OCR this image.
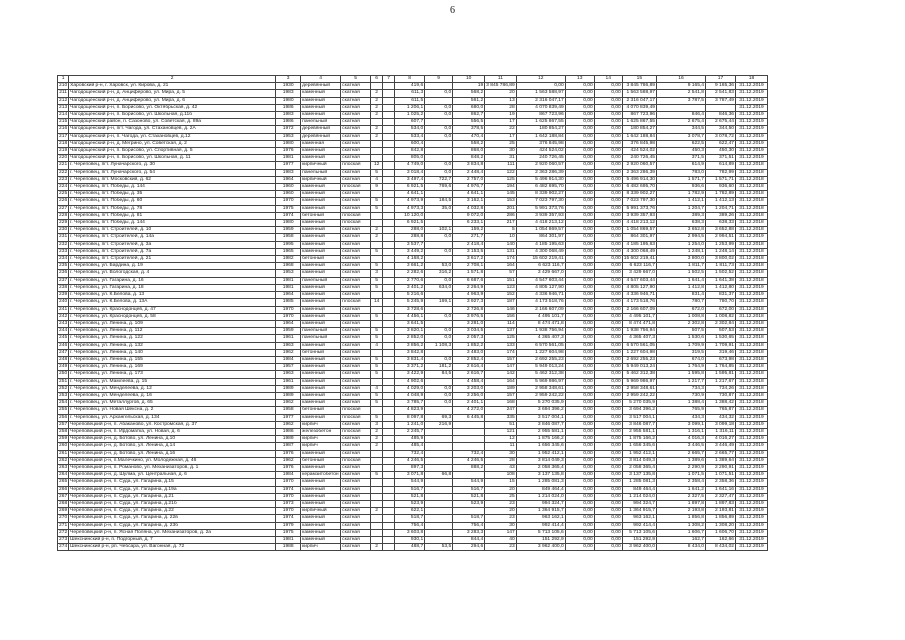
6
1	2	3	4	5	6	7	8	9	10	11	12	13	14	15	16	17	18
210	Харовский р-н, г. Харовск, ул. Кирова, д. 21	1930	деревянный	скатная			419,6		19	3 845 786,89	0,00	0,00	0,00	3 845 786,89	9 165,4	9 165,36	31.12.2019
211	Чагодощенский р-н, д. Анциферово, ул. Мира, д. 5	1983	каменный	скатная	2		611,3	0,0	568,2	20	1 563 588,97	0,00	0,00	1 563 588,97	2 541,8	2 541,83	31.12.2019
212	Чагодощенский р-н, д. Анциферово, ул. Мира, д. 6	1980	каменный	скатная	2		611,5		561,2	13	2 316 047,17	0,00	0,00	2 316 047,17	3 787,5	3 787,49	31.12.2019
213	Чагодощенский р-н, п. Борисово, ул. Октябрьская, д. 42	1986	каменный	скатная	2		1 206,1	0,0	680,0	28	4 070 839,49	0,00	0,00	4 070 839,49			31.12.2019
214	Чагодощенский р-н, п. Борисово, ул. Школьная, д.11б	1983	каменный	скатная	2		1 025,2	0,0	862,7	19	867 723,96	0,00	0,00	867 723,96	846,4	846,36	31.12.2019
215	Чагодощенский район, п. Сазоново, ул. Советская, д. 89а	1986	панельный	скатная			607,7		556,5	17	1 625 867,55	0,00	0,00	1 625 867,55	2 675,4	2 675,44	31.12.2019
216	Чагодощенский р-н, пгт. Чагода, ул. Стахановцев, д. 2А	1972	деревянный	скатная	2		534,0	0,0	378,5	22	180 854,27	0,00	0,00	180 854,27	344,5	344,50	31.12.2019
217	Чагодощенский р-н, п. Чагода, ул. Стахановцев, д.12	1953	деревянный	скатная	2		533,4	0,0	470,4	17	1 642 188,84	0,00	0,00	1 642 188,84	3 078,7	3 078,72	31.12.2019
218	Чагодощенский р-н, д. Мегрино, ул. Советская, д. 2	1980	каменная	скатная			600,4		558,2	25	376 845,98	0,00	0,00	376 845,98	622,5	622,47	31.12.2019
219	Чагодощенский р-н, п. Борисово, ул. Спортивная, д. 5	1976	каменный	скатная			842,8		868,0	30	424 524,02	0,00	0,00	424 524,02	450,3	450,30	31.12.2019
220	Чагодощенский р-н, п. Борисово, ул. Школьная, д. 11	1981	каменный	скатная			805,0		848,2	31	240 726,45	0,00	0,00	240 726,45	371,5	371,51	31.12.2019
221	г. Череповец, пгт. Луначарского, д. 30	1977	кирпичный	плоская	12		4 749,0	0,0	3 834,8	111	2 920 060,57	0,00	0,00	2 920 060,57	614,9	614,89	31.12.2018
222	г. Череповец, пгт. Луначарского, д. 54	1983	панельный	скатная	5		3 018,4	0,0	2 448,4	122	2 363 286,39	0,00	0,00	2 363 286,39	783,0	782,99	31.12.2018
223	г. Череповец, пгт. Московский, д. 62	1964	кирпичный	скатная	4		3 497,4	722,7	2 757,0	125	5 496 914,30	0,00	0,00	5 496 914,30	1 571,7	1 571,71	31.12.2018
224	г. Череповец, пгт. Победы, д. 144	1960	каменный	плоская	9		6 921,5	769,6	4 976,7	194	6 482 695,70	0,00	0,00	6 482 695,70	936,6	936,60	31.12.2018
225	г. Череповец, пгт. Победы, д. 35	1960	каменный	скатная			4 641,1		4 641,1	145	8 339 902,27	0,00	0,00	8 339 902,27	1 782,9	1 782,89	31.12.2018
226	г. Череповец, пгт. Победы, д. 60	1970	каменный	скатная	5		4 973,9	184,5	3 162,1	153	7 023 797,30	0,00	0,00	7 023 797,30	1 412,1	1 412,13	31.12.2018
227	г. Череповец, пгт. Победы, д. 78	1975	каменный	скатная	5		4 973,3	35,0	4 032,8	201	5 991 373,76	0,00	0,00	5 991 373,76	1 204,7	1 204,71	31.12.2018
228	г. Череповец, пгт. Победы, д. 81	1974	бетонный	плоская			10 120,0		9 072,0	286	3 939 357,93	0,00	0,00	3 939 357,93	389,3	389,26	31.12.2018
229	г. Череповец, пгт. Победы, д. 144	1980	каменный	плоская			6 921,5		6 233,1	217	4 418 213,12	0,00	0,00	4 418 213,12	638,3	638,33	31.12.2018
230	г. Череповец, пгт. Строителей, д. 10	1959	каменный	скатная	2		288,0	102,1	159,2	5	1 054 869,57	0,00	0,00	1 054 869,57	3 652,8	3 652,88	31.12.2018
231	г. Череповец, пгт. Строителей, д. 14а	1958	каменный	скатная	2		288,8	0,0	271,7	10	864 301,97	0,00	0,00	864 301,97	2 994,5	2 994,51	31.12.2019
232	г. Череповец, пгт. Строителей, д. 3а	1995	каменный	скатная			3 537,7		2 418,4	140	4 185 195,63	0,00	0,00	4 185 195,63	1 254,0	1 253,99	31.12.2018
233	г. Череповец, пгт. Строителей, д. 7а	1965	каменный	скатная	5		3 449,2	0,0	3 153,5	131	4 300 068,49	0,00	0,00	4 300 068,49	1 248,1	1 248,14	31.12.2018
234	г. Череповец, пгт. Строителей, д. 21	1982	бетонный	скатная			4 168,2		3 617,2	174	15 602 219,41	0,00	0,00	15 602 219,41	3 800,0	3 800,02	31.12.2018
235	г. Череповец, ул. Бардина, д. 19	1968	каменный	скатная	5		3 661,2	53,0	2 708,1	164	6 623 116,7	0,00	0,00	6 623 116,7	1 811,7	1 811,73	31.12.2018
236	г. Череповец, ул. Вологодская, д. 4	1953	каменный	скатная	3		2 282,6	316,2	1 571,8	57	3 429 667,0	0,00	0,00	3 429 667,0	1 502,5	1 502,52	31.12.2018
237	г. Череповец, ул. Гагарина, д. 16	1981	панельный	скатная	5		2 770,6	0,0	6 687,6	151	4 547 603,44	0,00	0,00	4 547 603,44	1 641,4	1 641,38	31.12.2018
238	г. Череповец, ул. Гагарина, д. 18	1981	каменный	скатная	5		3 401,2	634,0	2 264,9	123	4 805 127,90	0,00	0,00	4 805 127,90	1 412,8	1 412,80	31.12.2019
239	г. Череповец, ул. К.Белова, д. 13	1964	каменный	скатная			5 216,6		4 963,9	152	4 336 946,71	0,00	0,00	4 336 946,71	831,4	831,37	31.12.2019
240	г. Череповец, ул. К.Белова, д. 13А	1985	каменный	плоская	14		5 245,9	169,1	3 927,3	187	4 173 518,76	0,00	0,00	4 173 518,76	780,7	780,70	31.12.2018
241	г. Череповец, ул. Краснодонцев, д. 47	1970	каменный	скатная			3 728,6		2 726,8	146	2 166 607,09	0,00	0,00	2 166 607,09	672,0	672,00	31.12.2018
242	г. Череповец, ул. Краснодонцев, д. 58	1970	каменный	скатная	5		4 456,1	0,0	3 976,5	156	4 495 101,7	0,00	0,00	4 495 101,7	1 008,8	1 008,82	31.12.2018
243	г. Череповец, ул. Ленина, д. 109	1964	каменный	скатная			3 641,5		3 281,0	114	8 474 471,8	0,00	0,00	8 474 471,8	2 302,8	2 302,84	31.12.2018
244	г. Череповец, ул. Ленина, д. 112	1959	панельный	скатная	5		3 820,1	0,0	3 034,5	137	1 938 756,94	0,00	0,00	1 938 756,94	507,5	507,53	31.12.2018
245	г. Череповец, ул. Ленина, д. 122	1961	панельный	скатная	5		2 852,0	0,0	2 057,3	125	4 365 407,3	0,00	0,00	4 365 407,3	1 530,6	1 530,65	31.12.2018
246	г. Череповец, ул. Ленина, д. 132	1963	каменный	скатная	4		3 856,2	1 108,3	1 852,2	133	6 570 561,05	0,00	0,00	6 570 561,05	1 709,9	1 709,91	31.12.2018
247	г. Череповец, ул. Ленина, д. 140	1962	бетонный	скатная			3 842,8		3 483,0	174	1 227 604,98	0,00	0,00	1 227 604,98	319,5	319,46	31.12.2018
248	г. Череповец, ул. Ленина, д. 155	1984	каменный	скатная	5		3 831,4	0,0	2 852,4	157	2 692 255,23	0,00	0,00	2 692 255,23	674,0	673,98	31.12.2018
249	г. Череповец, ул. Ленина, д. 169	1957	каменный	скатная	5		3 371,2	181,2	2 616,4	147	5 949 013,24	0,00	0,00	5 949 013,24	1 764,9	1 764,85	31.12.2018
250	г. Череповец, ул. Ленина, д. 173	1963	каменный	скатная	5		3 422,9	84,5	2 616,7	142	5 462 312,38	0,00	0,00	5 462 312,38	1 595,8	1 595,81	31.12.2018
251	г. Череповец, ул. Мамлеева, д. 15	1961	каменный	скатная			4 902,6		4 458,4	164	5 969 986,97	0,00	0,00	5 969 986,97	1 217,7	1 217,67	31.12.2018
252	г. Череповец, ул. Менделеева, д. 12	1989	каменный	скатная	4		4 029,0	0,0	3 203,0	189	2 958 348,61	0,00	0,00	2 958 348,61	734,3	734,26	31.12.2018
253	г. Череповец, ул. Менделеева, д. 16	1989	каменный	скатная	5		4 048,9	0,0	3 256,0	157	2 959 242,22	0,00	0,00	2 959 242,22	730,9	730,87	31.12.2018
254	г. Череповец, ул. Металлургов, д. 65	1962	каменный	скатная	5		3 785,7	0,0	2 401,1	168	5 270 035,9	0,00	0,00	5 270 035,9	1 388,4	1 388,42	31.12.2018
255	г. Череповец, ул. Новая Шексна, д. 2	1958	бетонный	плоская			4 823,9		4 272,0	247	3 694 396,2	0,00	0,00	3 694 396,2	765,9	765,87	31.12.2018
256	г. Череповец, ул. Архангельская, д. 134	1977	каменный	плоская	5		8 097,8	69,3	6 445,8	335	3 517 004,1	0,00	0,00	3 517 004,1	434,3	434,32	31.12.2019
257	Череповецкий р-н, п. Абаканово, ул. Костромская, д. 37	1962	кирпич	скатная	3		1 241,0	216,9		51	3 846 087,7	0,00	0,00	3 846 087,7	3 099,1	3 099,18	31.12.2019
258	Череповецкий р-н, п. Ирдоматка, ул. Новая, д. 6	1986	железобетон	плоская	2		2 245,7			121	2 955 581,1	0,00	0,00	2 955 581,1	1 316,1	1 316,11	31.12.2018
259	Череповецкий р-н, д. Ботово, ул. Ленина, д.10	1989	кирпич	скатная	2		485,9			12	1 875 166,2	0,00	0,00	1 875 166,2	4 016,3	4 016,27	31.12.2019
260	Череповецкий р-н, д. Ботово, ул. Ленина, д.14	1987	кирпич	скатная	2		485,4			11	1 656 345,6	0,00	0,00	1 656 345,6	3 446,5	3 446,49	31.12.2019
261	Череповецкий р-н, д. Ботово, ул. Ленина, д.16	1976	каменный	скатная			732,4		732,4	30	1 952 412,1	0,00	0,00	1 952 412,1	2 665,7	2 665,77	31.12.2019
262	Череповецкий р-н, п.Малечкино, ул. Молодежная, д. 46	1962	бетонный	плоская			4 246,5		4 246,5	28	3 814 049,3	0,00	0,00	3 814 049,3	1 389,6	1 389,64	31.12.2019
263	Череповецкий р-н, п. Романово, ул. Механизаторов, д. 1	1976	каменный	скатная			897,3		888,2	43	2 058 365,4	0,00	0,00	2 058 365,4	2 290,9	2 290,91	31.12.2019
264	Череповецкий р-н, д. Шулма, ул. Центральная, д. 6	1984	керамзитобетон	скатная	5		3 071,8	66,8		108	3 137 135,8	0,00	0,00	3 137 135,8	1 071,5	1 071,51	31.12.2019
265	Череповецкий р-н, п. Суда, ул. Гагарина, д.15	1970	каменный	скатная			544,9		544,9	15	1 285 081,3	0,00	0,00	1 285 081,3	2 358,4	2 358,36	31.12.2019
266	Череповецкий р-н, п. Суда, ул. Гагарина, д.19а	1974	каменный	скатная			516,7		516,7	20	849 464,4	0,00	0,00	849 464,4	1 641,2	1 641,16	31.12.2019
267	Череповецкий р-н, п. Суда, ул. Гагарина, д.21	1970	каменный	скатная			521,8		521,8	25	1 214 024,0	0,00	0,00	1 214 024,0	2 327,5	2 327,47	31.12.2019
268	Череповецкий р-н, п. Суда, ул. Гагарина, д.21б	1973	каменный	скатная			523,9		523,9	23	994 324,7	0,00	0,00	994 324,7	1 897,8	1 897,83	31.12.2019
269	Череповецкий р-н, п. Суда, ул. Гагарина, д.22	1970	кирпичный	скатная	2		622,1			20	1 364 915,7	0,00	0,00	1 364 915,7	2 193,8	2 193,81	31.12.2019
270	Череповецкий р-н, п. Суда, ул. Гагарина, д. 22в	1974	каменный	скатная			518,7		518,7	23	963 162,1	0,00	0,00	963 162,1	1 856,8	1 856,89	31.12.2019
271	Череповецкий р-н, п. Суда, ул. Гагарина, д. 23б	1979	каменный	скатная			756,4		756,4	30	992 414,4	0,00	0,00	992 414,4	1 308,2	1 308,20	31.12.2019
272	Череповецкий р-н, п. Ясная Поляна, ул. Механизаторов, д. 2а	1975	каменный	скатная			3 603,8		3 283,3	147	5 713 105,6	0,00	0,00	5 713 105,6	1 606,7	1 606,70	31.12.2019
273	Шекснинский р-н, п. Подгорный, д. 7	1981	каменный	скатная			930,1		844,4	40	151 292,9	0,00	0,00	151 292,9	162,7	162,66	31.12.2019
274	Шекснинский р-н, рп. Чебсара, ул. Вагонная, д. 72	1988	кирпич	скатная	2		488,7	53,5	294,6	23	3 962 400,0	0,00	0,00	3 962 400,0	8 434,0	8 434,02	31.12.2019
